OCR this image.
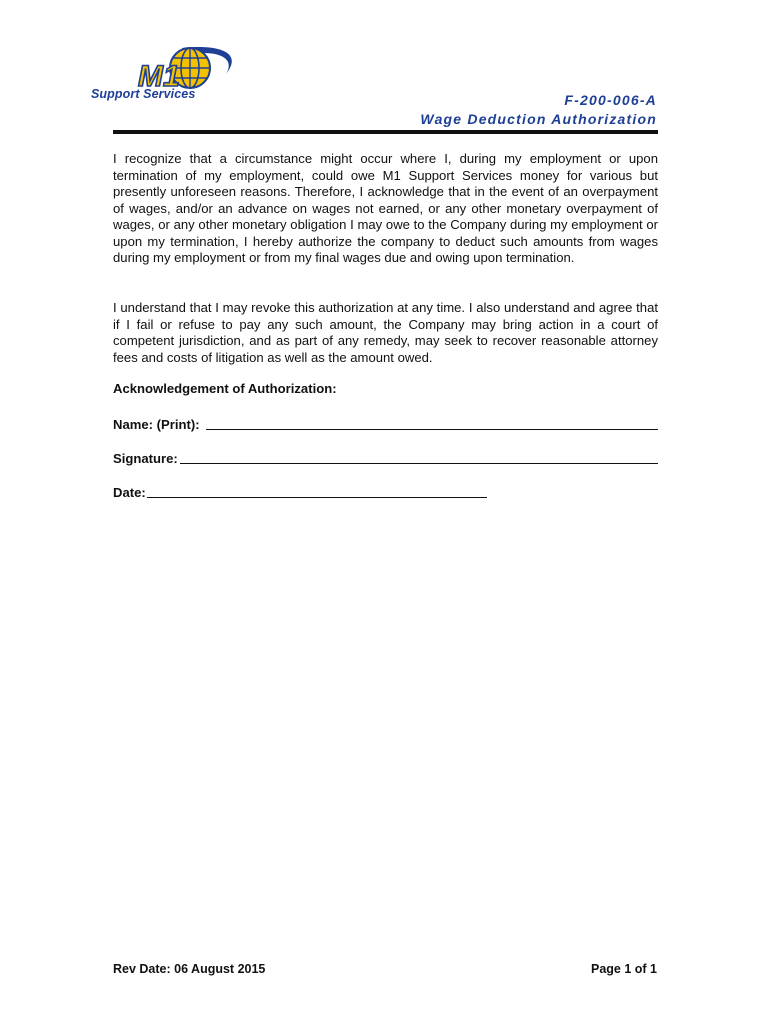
M1
Support Services	F-200-006-A
Wage Deduction Authorization

I recognize that a circumstance might occur where I, during my employment or upon termination of my employment, could owe M1 Support Services money for various but presently unforeseen reasons. Therefore, I acknowledge that in the event of an overpayment of wages, and/or an advance on wages not earned, or any other monetary overpayment of wages, or any other monetary obligation I may owe to the Company during my employment or upon my termination, I hereby authorize the company to deduct such amounts from wages during my employment or from my final wages due and owing upon termination.

I understand that I may revoke this authorization at any time. I also understand and agree that if I fail or refuse to pay any such amount, the Company may bring action in a court of competent jurisdiction, and as part of any remedy, may seek to recover reasonable attorney fees and costs of litigation as well as the amount owed.

Acknowledgement of Authorization:
Name: (Print):
Signature:
Date:
Rev Date: 06 August 2015	Page 1 of 1
